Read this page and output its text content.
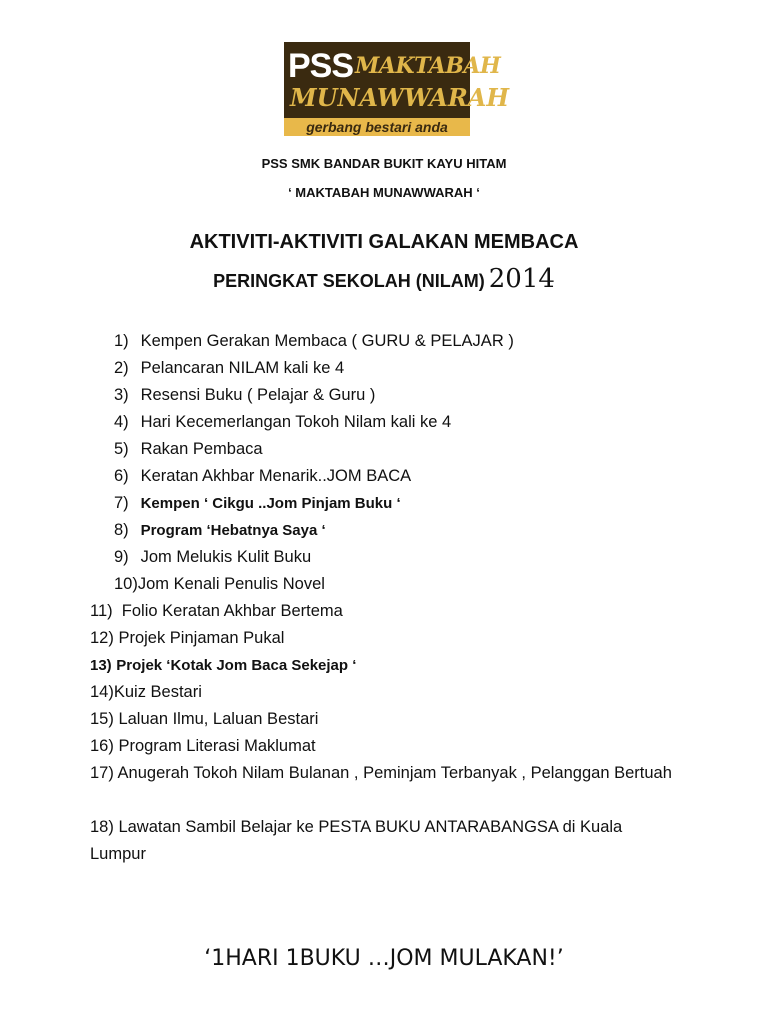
PSS MAKTABAH
MUNAWWARAH
gerbang bestari anda
PSS SMK BANDAR BUKIT KAYU HITAM
‘ MAKTABAH MUNAWWARAH ‘
AKTIVITI-AKTIVITI GALAKAN MEMBACA
PERINGKAT SEKOLAH (NILAM) 2014
1) Kempen Gerakan Membaca ( GURU & PELAJAR )
2) Pelancaran NILAM kali ke 4
3) Resensi Buku ( Pelajar & Guru )
4) Hari Kecemerlangan Tokoh Nilam kali ke 4
5) Rakan Pembaca
6) Keratan Akhbar Menarik..JOM BACA
7) Kempen ‘ Cikgu ..Jom Pinjam Buku ‘
8) Program ‘Hebatnya Saya ‘
9) Jom Melukis Kulit Buku
10)Jom Kenali Penulis Novel
11) Folio Keratan Akhbar Bertema
12) Projek Pinjaman Pukal
13) Projek ‘Kotak Jom Baca Sekejap ‘
14)Kuiz Bestari
15) Laluan Ilmu, Laluan Bestari
16) Program Literasi Maklumat
17) Anugerah Tokoh Nilam Bulanan , Peminjam Terbanyak , Pelanggan Bertuah
18) Lawatan Sambil Belajar ke PESTA BUKU ANTARABANGSA di Kuala Lumpur
‘1HARI 1BUKU …JOM MULAKAN!’
